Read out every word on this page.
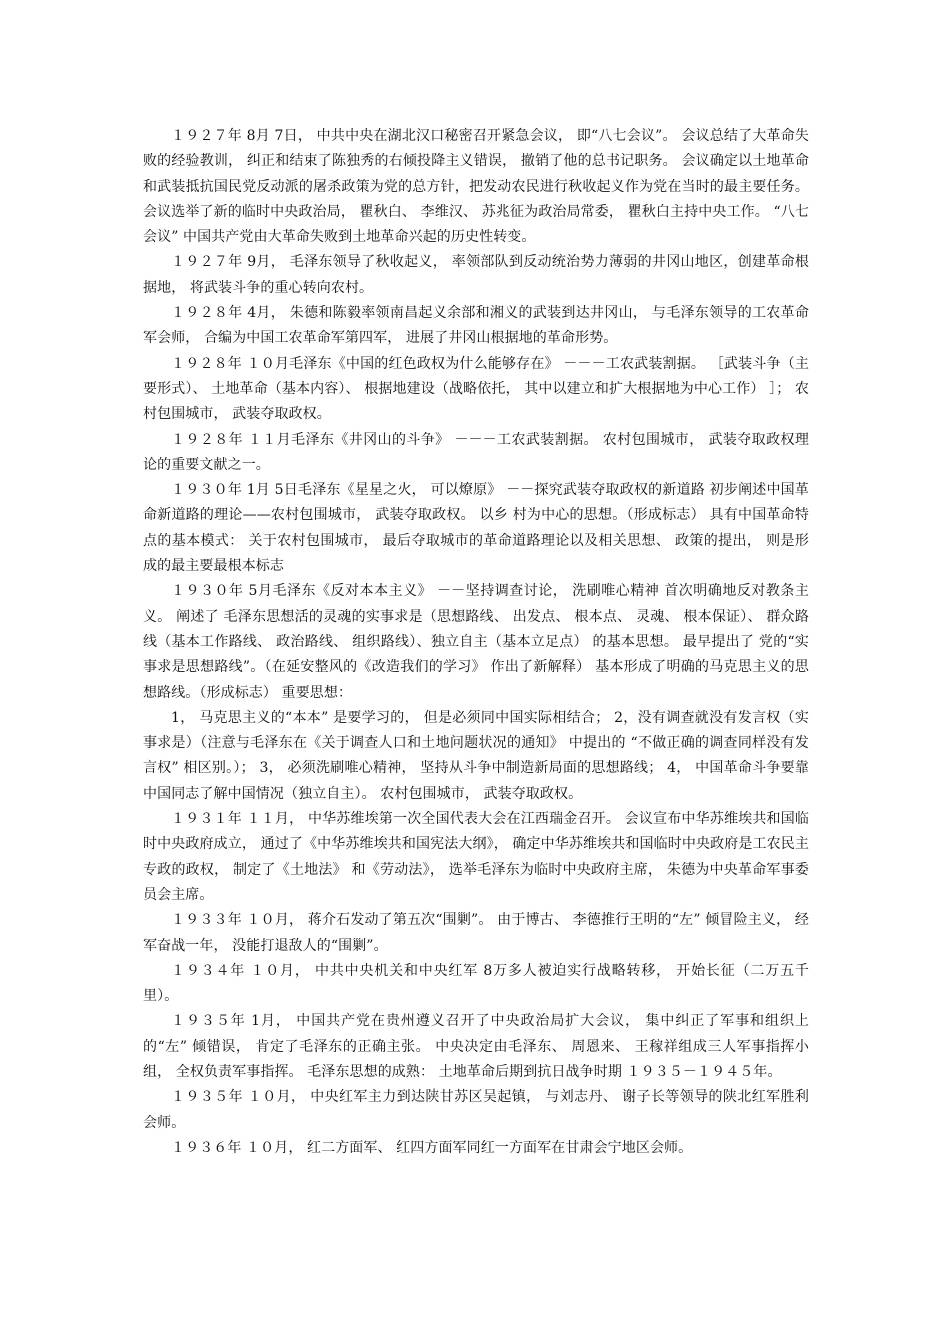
１９２７年 8月 7日， 中共中央在湖北汉口秘密召开紧急会议， 即“八七会议”。 会议总结了大革命失败的经验教训， 纠正和结束了陈独秀的右倾投降主义错误， 撤销了他的总书记职务。 会议确定以土地革命和武装抵抗国民党反动派的屠杀政策为党的总方针，把发动农民进行秋收起义作为党在当时的最主要任务。 会议选举了新的临时中央政治局， 瞿秋白、 李维汉、 苏兆征为政治局常委， 瞿秋白主持中央工作。 “八七会议” 中国共产党由大革命失败到土地革命兴起的历史性转变。

１９２７年 9月， 毛泽东领导了秋收起义， 率领部队到反动统治势力薄弱的井冈山地区，创建革命根据地， 将武装斗争的重心转向农村。

１９２８年 4月， 朱德和陈毅率领南昌起义余部和湘义的武装到达井冈山， 与毛泽东领导的工农革命军会师， 合编为中国工农革命军第四军， 进展了井冈山根据地的革命形势。

１９２８年 １０月毛泽东《中国的红色政权为什么能够存在》 －－－工农武装割据。 ［武装斗争（主要形式）、 土地革命（基本内容）、 根据地建设（战略依托， 其中以建立和扩大根据地为中心工作） ］； 农村包围城市， 武装夺取政权。

１９２８年 １１月毛泽东《井冈山的斗争》 －－－工农武装割据。 农村包围城市， 武装夺取政权理论的重要文献之一。

１９３０年 1月 5日毛泽东《星星之火， 可以燎原》 －－探究武装夺取政权的新道路 初步阐述中国革命新道路的理论——农村包围城市， 武装夺取政权。 以乡 村为中心的思想。（形成标志） 具有中国革命特点的基本模式： 关于农村包围城市， 最后夺取城市的革命道路理论以及相关思想、 政策的提出， 则是形成的最主要最根本标志

１９３０年 5月毛泽东《反对本本主义》 －－坚持调查讨论， 洗刷唯心精神 首次明确地反对教条主义。 阐述了 毛泽东思想活的灵魂的实事求是（思想路线、 出发点、 根本点、 灵魂、 根本保证）、 群众路线（基本工作路线、 政治路线、 组织路线）、独立自主（基本立足点） 的基本思想。 最早提出了 党的“实事求是思想路线”。（在延安整风的《改造我们的学习》 作出了新解释） 基本形成了明确的马克思主义的思想路线。（形成标志） 重要思想：

1， 马克思主义的“本本” 是要学习的， 但是必须同中国实际相结合； 2，没有调查就没有发言权（实事求是）（注意与毛泽东在《关于调查人口和土地问题状况的通知》 中提出的 “不做正确的调查同样没有发言权” 相区别。）； 3， 必须洗刷唯心精神， 坚持从斗争中制造新局面的思想路线； 4， 中国革命斗争要靠中国同志了解中国情况（独立自主）。 农村包围城市， 武装夺取政权。

１９３１年 １１月， 中华苏维埃第一次全国代表大会在江西瑞金召开。 会议宣布中华苏维埃共和国临时中央政府成立， 通过了《中华苏维埃共和国宪法大纲》， 确定中华苏维埃共和国临时中央政府是工农民主专政的政权， 制定了《土地法》 和《劳动法》， 选举毛泽东为临时中央政府主席， 朱德为中央革命军事委员会主席。

１９３３年 １０月， 蒋介石发动了第五次“围剿”。 由于博古、 李德推行王明的“左” 倾冒险主义， 经军奋战一年， 没能打退敌人的“围剿”。

１９３４年 １０月， 中共中央机关和中央红军 8万多人被迫实行战略转移， 开始长征（二万五千里）。

１９３５年 1月， 中国共产党在贵州遵义召开了中央政治局扩大会议， 集中纠正了军事和组织上的“左” 倾错误， 肯定了毛泽东的正确主张。 中央决定由毛泽东、 周恩来、 王稼祥组成三人军事指挥小组， 全权负责军事指挥。 毛泽东思想的成熟： 土地革命后期到抗日战争时期 １９３５－１９４５年。

１９３５年 １０月， 中央红军主力到达陕甘苏区吴起镇， 与刘志丹、 谢子长等领导的陕北红军胜利会师。

１９３６年 １０月， 红二方面军、 红四方面军同红一方面军在甘肃会宁地区会师。
